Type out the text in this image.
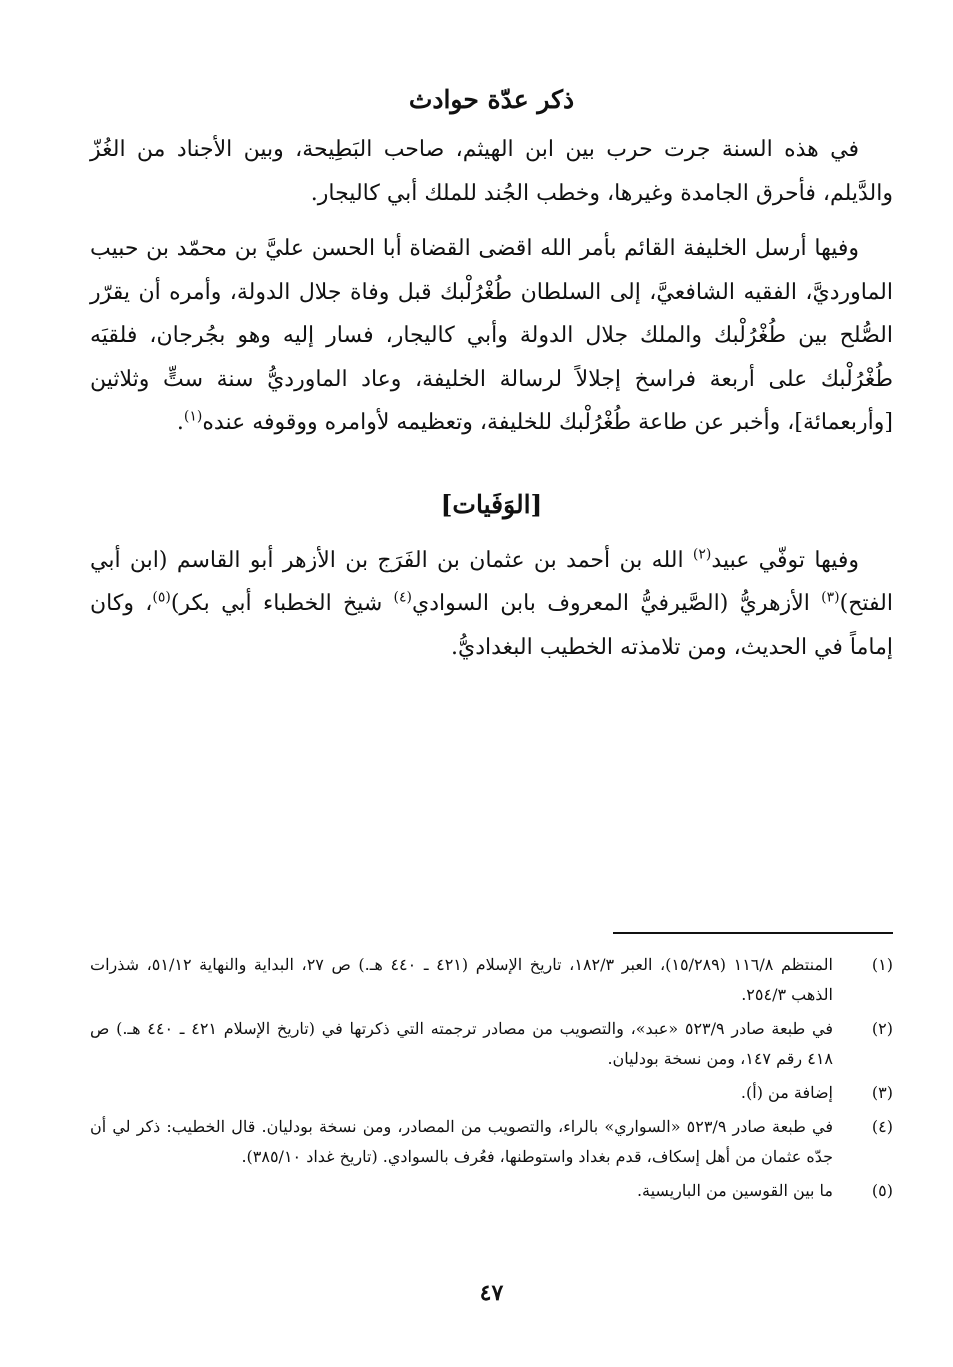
ذكر عدّة حوادث

في هذه السنة جرت حرب بين ابن الهيثم، صاحب البَطِيحة، وبين الأجناد من الغُزّ والدَّيلم، فأحرق الجامدة وغيرها، وخطب الجُند للملك أبي كاليجار.

وفيها أرسل الخليفة القائم بأمر الله اقضى القضاة أبا الحسن عليَّ بن محمّد بن حبيب الماورديَّ، الفقيه الشافعيَّ، إلى السلطان طُغْرُلْبك قبل وفاة جلال الدولة، وأمره أن يقرّر الصُّلح بين طُغْرُلْبك والملك جلال الدولة وأبي كاليجار، فسار إليه وهو بجُرجان، فلقيَه طُغْرُلْبك على أربعة فراسخ إجلالاً لرسالة الخليفة، وعاد الماورديُّ سنة ستٍّ وثلاثين [وأربعمائة]، وأخبر عن طاعة طُغْرُلْبك للخليفة، وتعظيمه لأوامره ووقوفه عنده$^{(١)}$.

[الوَفَيات]

وفيها توفّي عبيد$^{(٢)}$ الله بن أحمد بن عثمان بن الفَرَج بن الأزهر أبو القاسم (ابن أبي الفتح)$^{(٣)}$ الأزهريُّ (الصَّيرفيُّ المعروف بابن السوادي$^{(٤)}$ شيخ الخطباء أبي بكر)$^{(٥)}$، وكان إماماً في الحديث، ومن تلامذته الخطيب البغداديُّ.

(١)
المنتظم ١١٦/٨ (١٥/٢٨٩)، العبر ١٨٢/٣، تاريخ الإسلام (٤٢١ ـ ٤٤٠ هـ.) ص ٢٧، البداية والنهاية ٥١/١٢، شذرات الذهب ٢٥٤/٣.
(٢)
في طبعة صادر ٥٢٣/٩ «عبد»، والتصويب من مصادر ترجمته التي ذكرتها في (تاريخ الإسلام ٤٢١ ـ ٤٤٠ هـ.) ص ٤١٨ رقم ١٤٧، ومن نسخة بودليان.
(٣)
إضافة من (أ).
(٤)
في طبعة صادر ٥٢٣/٩ «السواري» بالراء، والتصويب من المصادر، ومن نسخة بودليان. قال الخطيب: ذكر لي أن جدّه عثمان من أهل إسكاف، قدم بغداد واستوطنها، فعُرف بالسوادي. (تاريخ غداد ٣٨٥/١٠).
(٥)
ما بين القوسين من الباريسية.
٤٧
